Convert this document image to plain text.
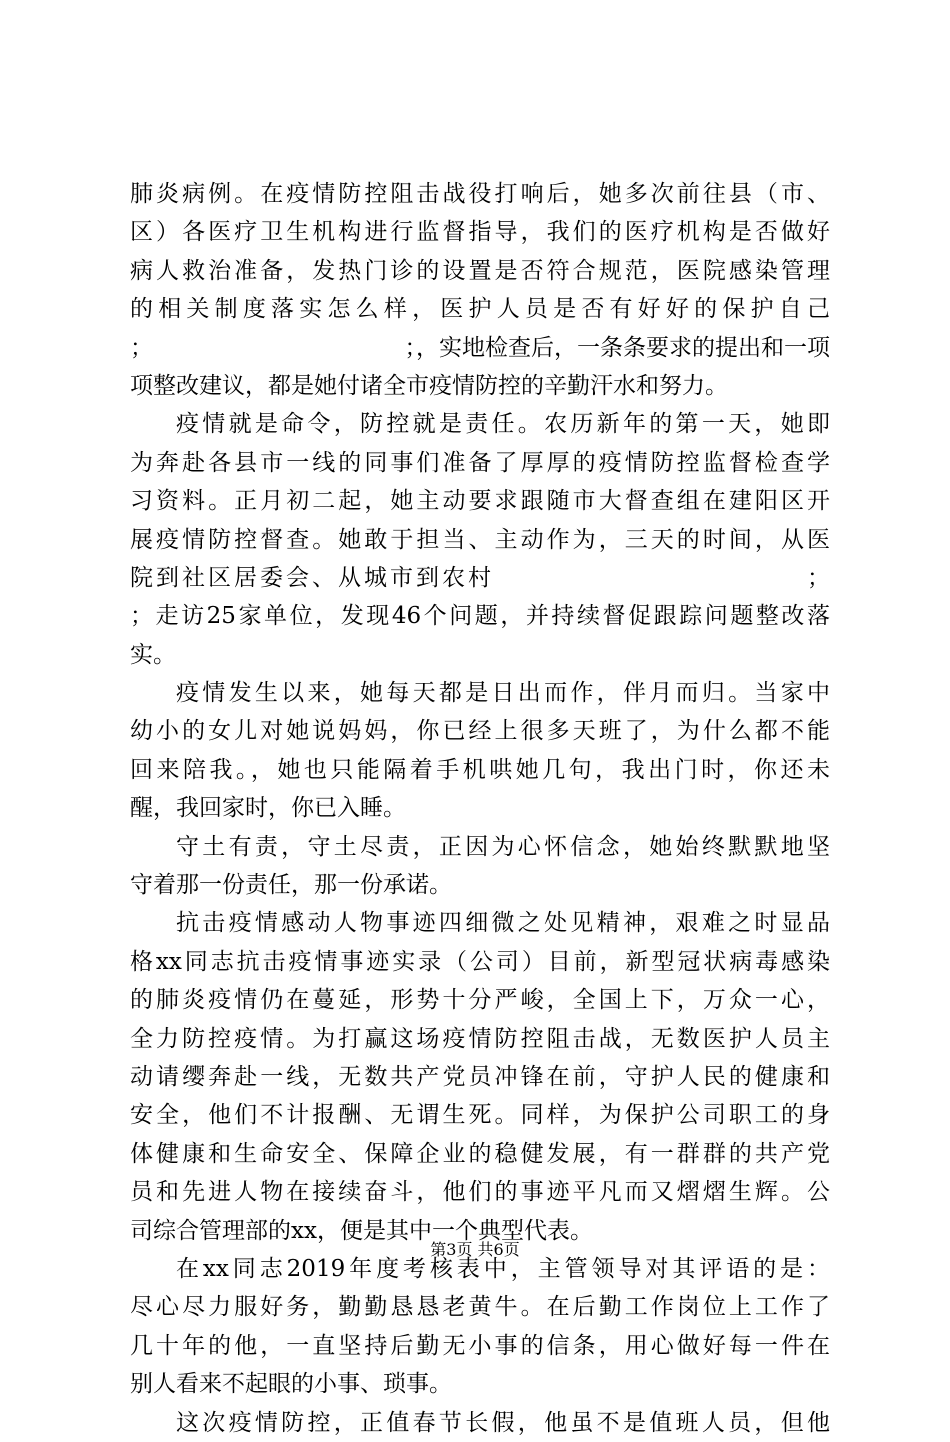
肺炎病例。在疫情防控阻击战役打响后，她多次前往县（市、
区）各医疗卫生机构进行监督指导，我们的医疗机构是否做好
病人救治准备，发热门诊的设置是否符合规范，医院感染管理
的相关制度落实怎么样，医护人员是否有好好的保护自己
；	；，实地检查后，一条条要求的提出和一项
项整改建议，都是她付诸全市疫情防控的辛勤汗水和努力。
疫情就是命令，防控就是责任。农历新年的第一天，她即
为奔赴各县市一线的同事们准备了厚厚的疫情防控监督检查学
习资料。正月初二起，她主动要求跟随市大督查组在建阳区开
展疫情防控督查。她敢于担当、主动作为，三天的时间，从医
院到社区居委会、从城市到农村	；
；走访25家单位，发现46个问题，并持续督促跟踪问题整改落
实。
疫情发生以来，她每天都是日出而作，伴月而归。当家中
幼小的女儿对她说妈妈，你已经上很多天班了，为什么都不能
回来陪我。，她也只能隔着手机哄她几句，我出门时，你还未
醒，我回家时，你已入睡。
守土有责，守土尽责，正因为心怀信念，她始终默默地坚
守着那一份责任，那一份承诺。
抗击疫情感动人物事迹四细微之处见精神，艰难之时显品
格xx同志抗击疫情事迹实录（公司）目前，新型冠状病毒感染
的肺炎疫情仍在蔓延，形势十分严峻，全国上下，万众一心，
全力防控疫情。为打赢这场疫情防控阻击战，无数医护人员主
动请缨奔赴一线，无数共产党员冲锋在前，守护人民的健康和
安全，他们不计报酬、无谓生死。同样，为保护公司职工的身
体健康和生命安全、保障企业的稳健发展，有一群群的共产党
员和先进人物在接续奋斗，他们的事迹平凡而又熠熠生辉。公
司综合管理部的xx，便是其中一个典型代表。
在xx同志2019年度考核表中，主管领导对其评语的是：
尽心尽力服好务，勤勤恳恳老黄牛。在后勤工作岗位上工作了
几十年的他，一直坚持后勤无小事的信条，用心做好每一件在
别人看来不起眼的小事、琐事。
这次疫情防控，正值春节长假，他虽不是值班人员，但他
第3页 共6页
